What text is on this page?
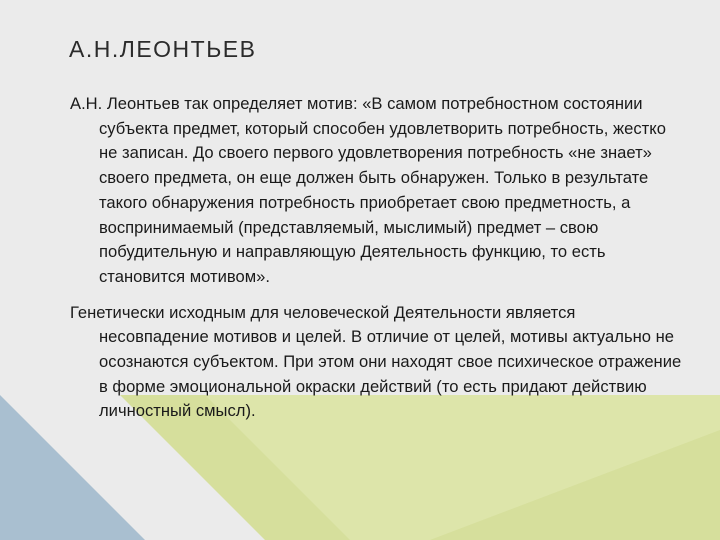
А.Н.ЛЕОНТЬЕВ

А.Н. Леонтьев так определяет мотив: «В самом потребностном состоянии субъекта предмет, который способен удовлетворить потребность, жестко не записан. До своего первого удовлетворения потребность «не знает» своего предмета, он еще должен быть обнаружен. Только в результате такого обнаружения потребность приобретает свою предметность, а воспринимаемый (представляемый, мыслимый) предмет – свою побудительную и направляющую Деятельность функцию, то есть становится мотивом».

Генетически исходным для человеческой Деятельности является несовпадение мотивов и целей. В отличие от целей, мотивы актуально не осознаются субъектом. При этом они находят свое психическое отражение в форме эмоциональной окраски действий (то есть придают действию личностный смысл).
